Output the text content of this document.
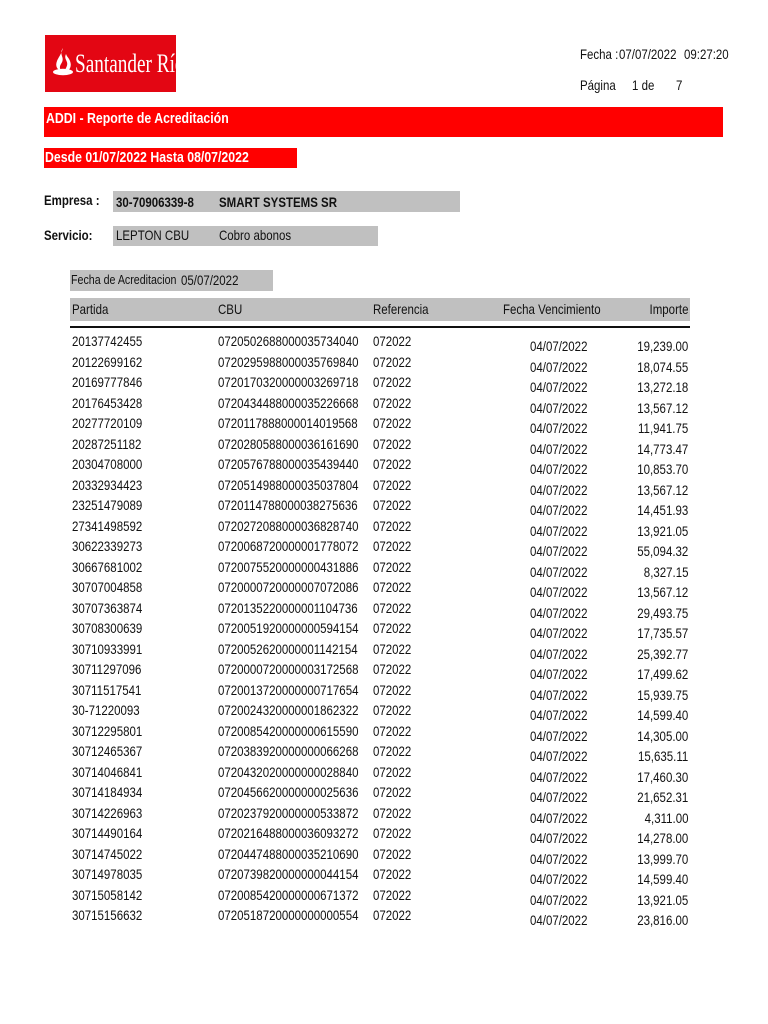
Santander Río	Fecha : 07/07/2022 09:27:20
Página	1 de	7
ADDI - Reporte de Acreditación
Desde 01/07/2022 Hasta 08/07/2022
Empresa :	30-70906339-8	SMART SYSTEMS SR
Servicio:	LEPTON CBU	Cobro abonos
Fecha de Acreditacion 05/07/2022
Partida	CBU	Referencia	Fecha Vencimiento	Importe
20137742455	0720502688000035734040 072022	04/07/2022	19,239.00
20122699162	0720295988000035769840 072022	04/07/2022	18,074.55
20169777846	0720170320000003269718 072022	04/07/2022	13,272.18
20176453428	0720434488000035226668 072022	04/07/2022	13,567.12
20277720109	0720117888000014019568 072022	04/07/2022	11,941.75
20287251182	0720280588000036161690 072022	04/07/2022	14,773.47
20304708000	0720576788000035439440 072022	04/07/2022	10,853.70
20332934423	0720514988000035037804 072022	04/07/2022	13,567.12
23251479089	0720114788000038275636 072022	04/07/2022	14,451.93
27341498592	0720272088000036828740 072022	04/07/2022	13,921.05
30622339273	0720068720000001778072 072022	04/07/2022	55,094.32
30667681002	0720075520000000431886 072022	04/07/2022	8,327.15
30707004858	0720000720000007072086 072022	04/07/2022	13,567.12
30707363874	0720135220000001104736 072022	04/07/2022	29,493.75
30708300639	0720051920000000594154 072022	04/07/2022	17,735.57
30710933991	0720052620000001142154 072022	04/07/2022	25,392.77
30711297096	0720000720000003172568 072022	04/07/2022	17,499.62
30711517541	0720013720000000717654 072022	04/07/2022	15,939.75
30-71220093	0720024320000001862322 072022	04/07/2022	14,599.40
30712295801	0720085420000000615590 072022	04/07/2022	14,305.00
30712465367	0720383920000000066268 072022	04/07/2022	15,635.11
30714046841	0720432020000000028840 072022	04/07/2022	17,460.30
30714184934	0720456620000000025636 072022	04/07/2022	21,652.31
30714226963	0720237920000000533872 072022	04/07/2022	4,311.00
30714490164	0720216488000036093272 072022	04/07/2022	14,278.00
30714745022	0720447488000035210690 072022	04/07/2022	13,999.70
30714978035	0720739820000000044154 072022	04/07/2022	14,599.40
30715058142	0720085420000000671372 072022	04/07/2022	13,921.05
30715156632	0720518720000000000554 072022	04/07/2022	23,816.00
